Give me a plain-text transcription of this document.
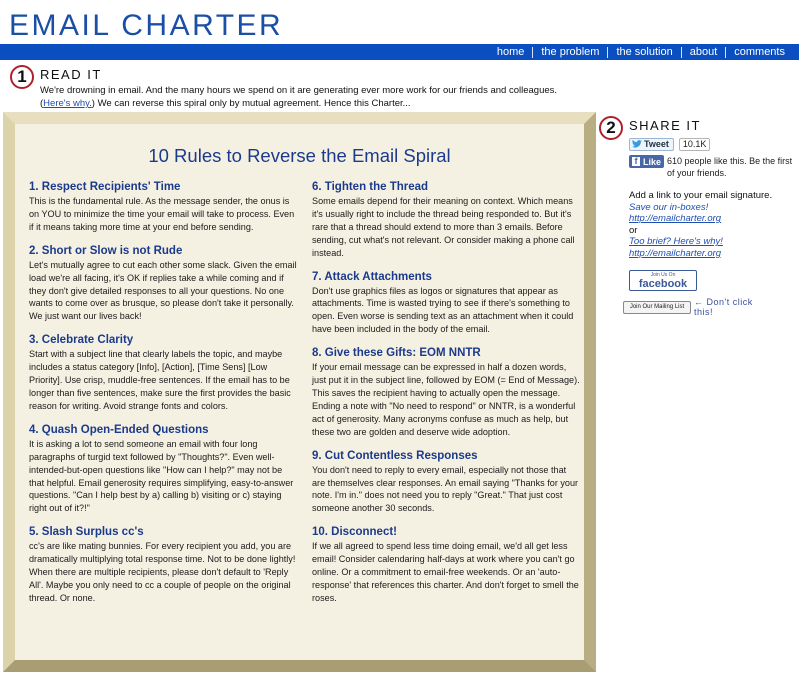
EMAIL CHARTER
home	the problem	the solution	about	comments
1	READ IT
We're drowning in email. And the many hours we spend on it are generating ever more work for our friends and colleagues.
(Here's why.) We can reverse this spiral only by mutual agreement. Hence this Charter...
10 Rules to Reverse the Email Spiral
1. Respect Recipients' Time
This is the fundamental rule. As the message sender, the onus is on YOU to minimize the time your email will take to process. Even if it means taking more time at your end before sending.
2. Short or Slow is not Rude
Let's mutually agree to cut each other some slack. Given the email load we're all facing, it's OK if replies take a while coming and if they don't give detailed responses to all your questions. No one wants to come over as brusque, so please don't take it personally. We just want our lives back!
3. Celebrate Clarity
Start with a subject line that clearly labels the topic, and maybe includes a status category [Info], [Action], [Time Sens] [Low Priority]. Use crisp, muddle-free sentences. If the email has to be longer than five sentences, make sure the first provides the basic reason for writing. Avoid strange fonts and colors.
4. Quash Open-Ended Questions
It is asking a lot to send someone an email with four long paragraphs of turgid text followed by "Thoughts?". Even well-intended-but-open questions like "How can I help?" may not be that helpful. Email generosity requires simplifying, easy-to-answer questions. "Can I help best by a) calling b) visiting or c) staying right out of it?!"
5. Slash Surplus cc's
cc's are like mating bunnies. For every recipient you add, you are dramatically multiplying total response time. Not to be done lightly! When there are multiple recipients, please don't default to 'Reply All'. Maybe you only need to cc a couple of people on the original thread. Or none.
6. Tighten the Thread
Some emails depend for their meaning on context. Which means it's usually right to include the thread being responded to. But it's rare that a thread should extend to more than 3 emails. Before sending, cut what's not relevant. Or consider making a phone call instead.
7. Attack Attachments
Don't use graphics files as logos or signatures that appear as attachments. Time is wasted trying to see if there's something to open. Even worse is sending text as an attachment when it could have been included in the body of the email.
8. Give these Gifts: EOM NNTR
If your email message can be expressed in half a dozen words, just put it in the subject line, followed by EOM (= End of Message). This saves the recipient having to actually open the message. Ending a note with "No need to respond" or NNTR, is a wonderful act of generosity. Many acronyms confuse as much as help, but these two are golden and deserve wide adoption.
9. Cut Contentless Responses
You don't need to reply to every email, especially not those that are themselves clear responses. An email saying "Thanks for your note. I'm in." does not need you to reply "Great." That just cost someone another 30 seconds.
10. Disconnect!
If we all agreed to spend less time doing email, we'd all get less email! Consider calendaring half-days at work where you can't go online. Or a commitment to email-free weekends. Or an 'auto-response' that references this charter. And don't forget to smell the roses.
2	SHARE IT
Tweet	10.1K
f Like 610 people like this. Be the first of your friends.
Add a link to your email signature.
Save our in-boxes!
http://emailcharter.org
or
Too brief? Here's why!
http://emailcharter.org
Join Us On
facebook
Join Our Mailing List	← Don't click this!
